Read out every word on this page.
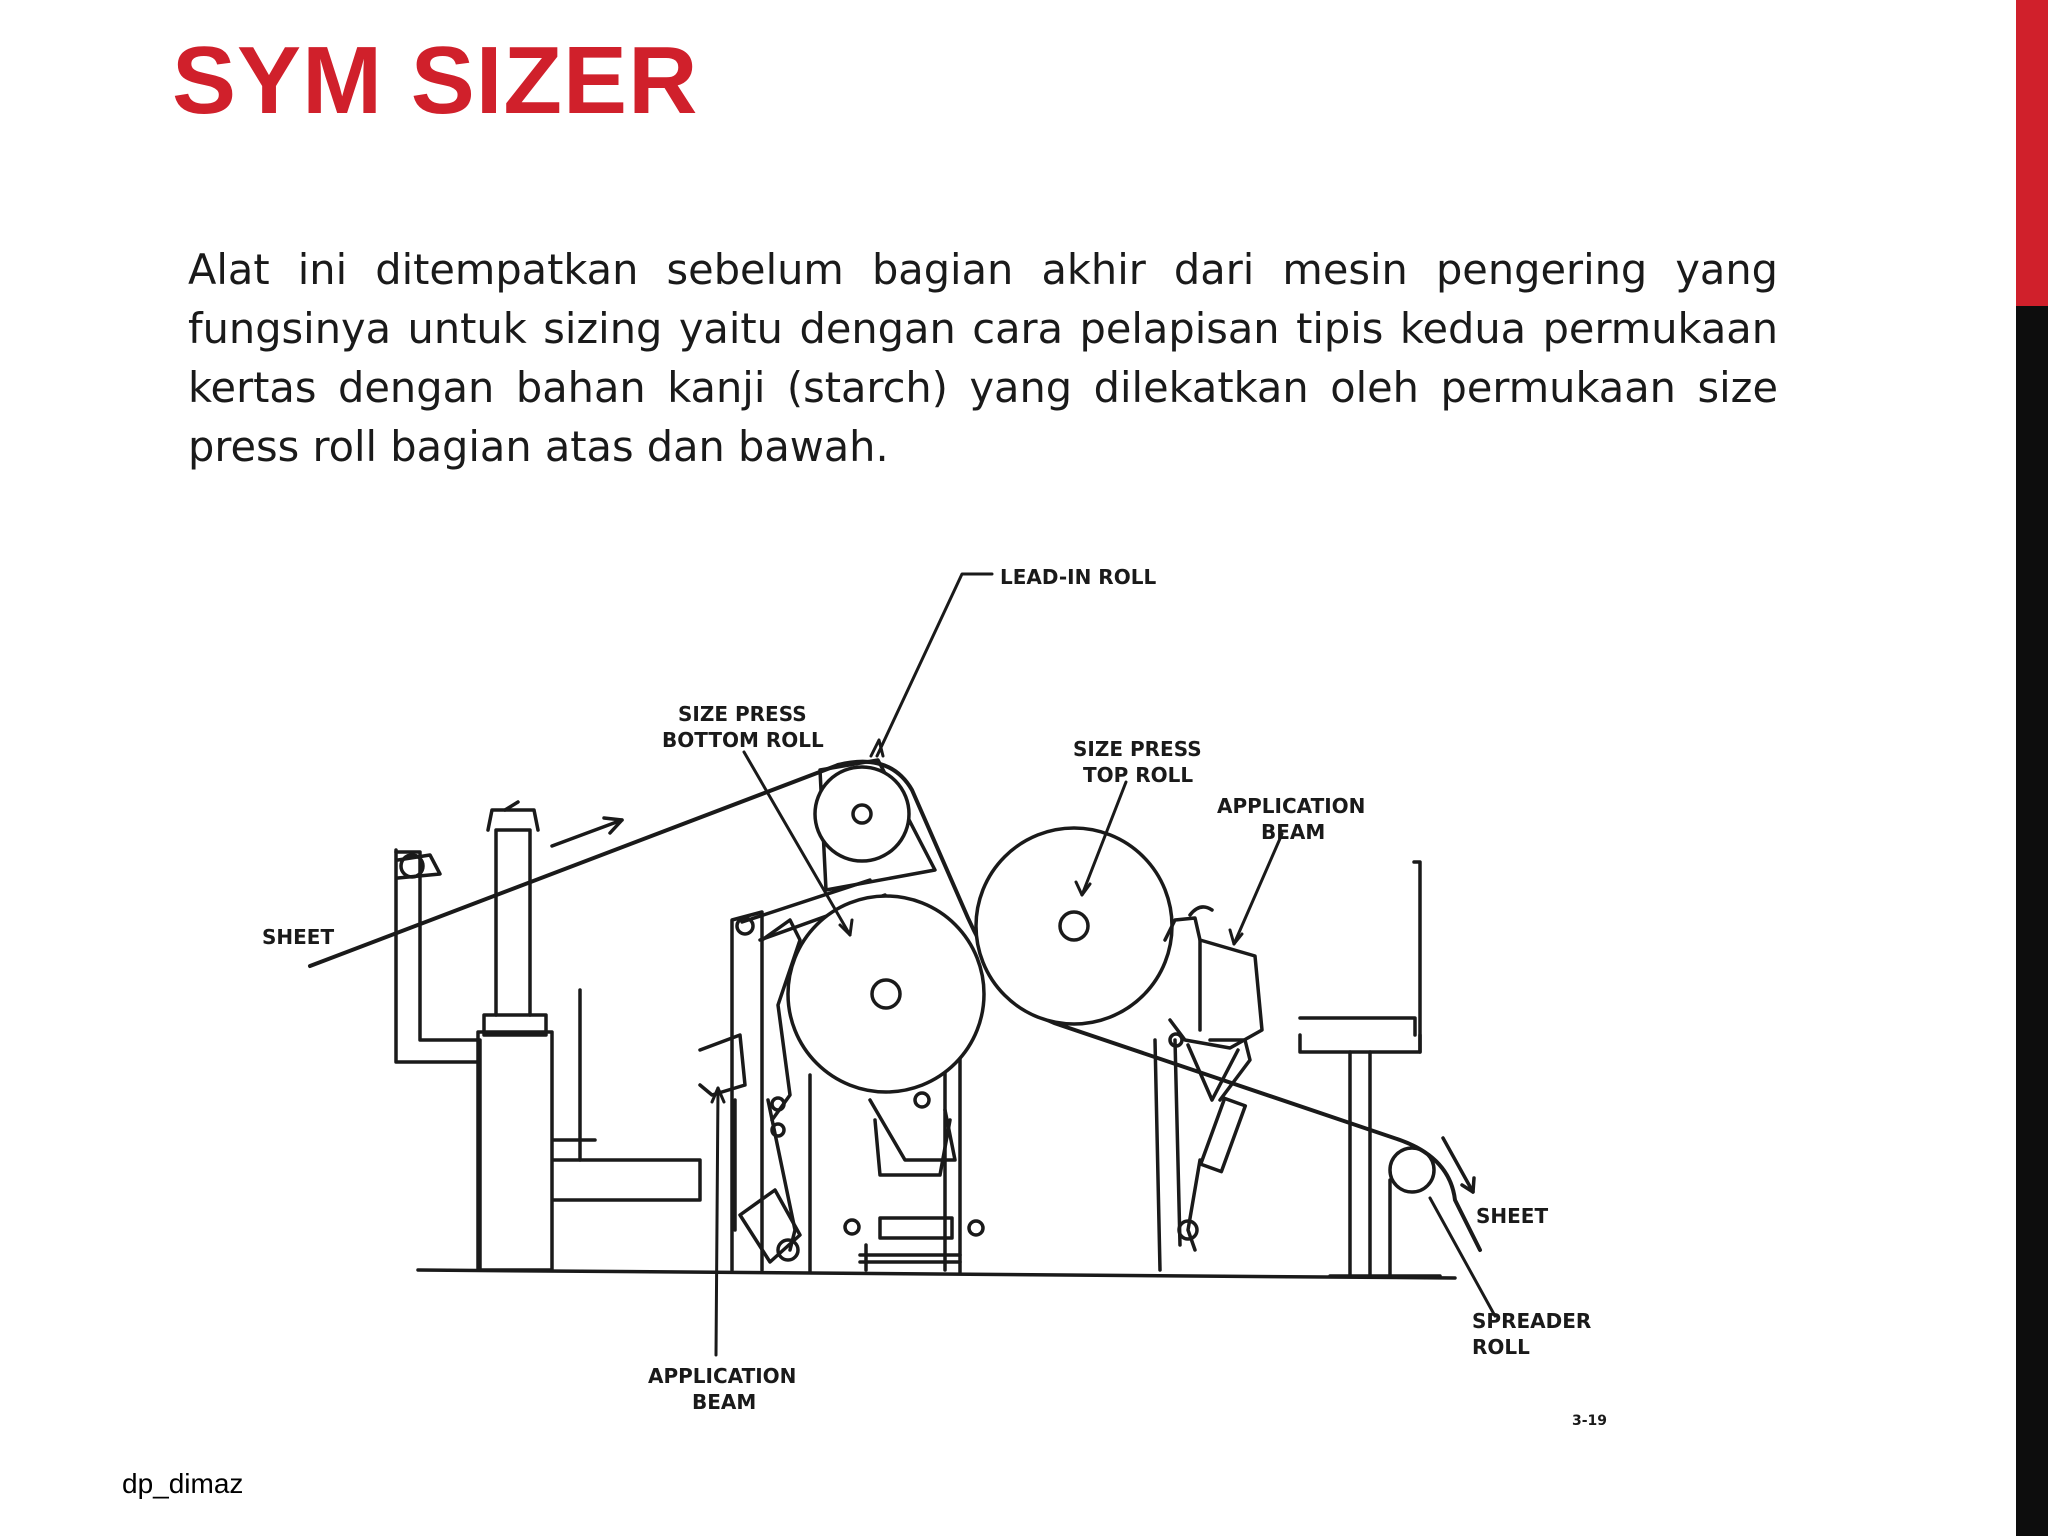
SYM SIZER

Alat ini ditempatkan sebelum bagian akhir dari mesin pengering yang fungsinya untuk sizing yaitu dengan cara pelapisan tipis kedua permukaan kertas dengan bahan kanji (starch) yang dilekatkan oleh permukaan size press roll bagian atas dan bawah.

LEAD-IN ROLL
SIZE PRESS
BOTTOM ROLL	SIZE PRESS
TOP ROLL
APPLICATION
BEAM
SHEET
SHEET
SPREADER
ROLL
APPLICATION
BEAM
3-19
dp_dimaz
